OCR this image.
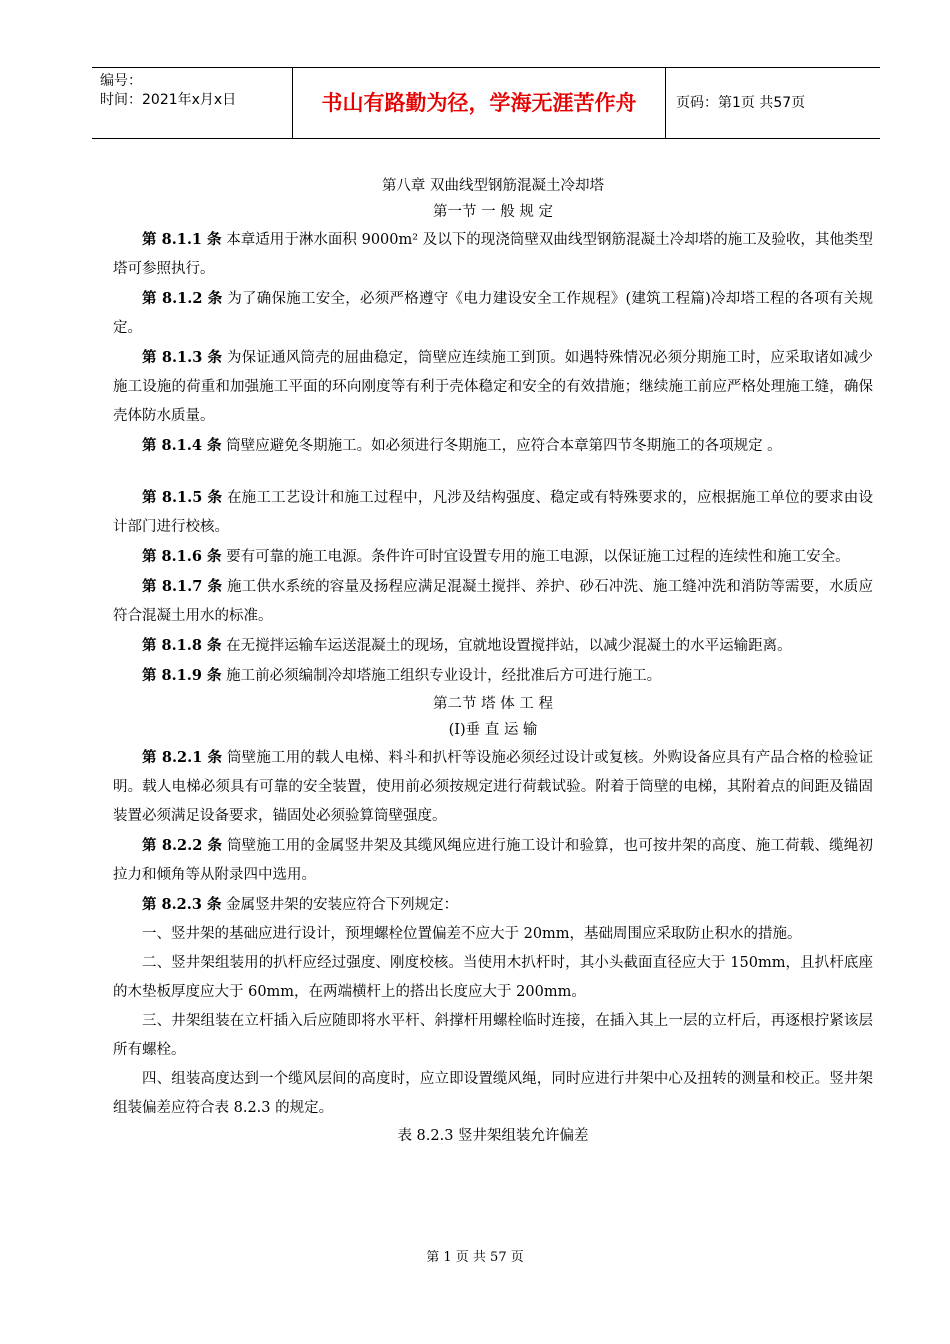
编号：
时间：2021年x月x日	书山有路勤为径，学海无涯苦作舟	页码：第1页 共57页
第八章 双曲线型钢筋混凝土冷却塔
第一节 一 般 规 定

第 8.1.1 条 本章适用于淋水面积 9000m² 及以下的现浇筒壁双曲线型钢筋混凝土冷却塔的施工及验收，其他类型塔可参照执行。

第 8.1.2 条 为了确保施工安全，必须严格遵守《电力建设安全工作规程》(建筑工程篇)冷却塔工程的各项有关规定。

第 8.1.3 条 为保证通风筒壳的屈曲稳定，筒壁应连续施工到顶。如遇特殊情况必须分期施工时，应采取诸如减少施工设施的荷重和加强施工平面的环向刚度等有利于壳体稳定和安全的有效措施；继续施工前应严格处理施工缝，确保壳体防水质量。

第 8.1.4 条 筒壁应避免冬期施工。如必须进行冬期施工，应符合本章第四节冬期施工的各项规定 。

第 8.1.5 条 在施工工艺设计和施工过程中，凡涉及结构强度、稳定或有特殊要求的，应根据施工单位的要求由设计部门进行校核。

第 8.1.6 条 要有可靠的施工电源。条件许可时宜设置专用的施工电源，以保证施工过程的连续性和施工安全。

第 8.1.7 条 施工供水系统的容量及扬程应满足混凝土搅拌、养护、砂石冲洗、施工缝冲洗和消防等需要，水质应符合混凝土用水的标准。

第 8.1.8 条 在无搅拌运输车运送混凝土的现场，宜就地设置搅拌站，以减少混凝土的水平运输距离。

第 8.1.9 条 施工前必须编制冷却塔施工组织专业设计，经批准后方可进行施工。

第二节 塔 体 工 程
(I)垂 直 运 输

第 8.2.1 条 筒壁施工用的载人电梯、料斗和扒杆等设施必须经过设计或复核。外购设备应具有产品合格的检验证明。载人电梯必须具有可靠的安全装置，使用前必须按规定进行荷载试验。附着于筒壁的电梯，其附着点的间距及锚固装置必须满足设备要求，锚固处必须验算筒壁强度。

第 8.2.2 条 筒壁施工用的金属竖井架及其缆风绳应进行施工设计和验算，也可按井架的高度、施工荷载、缆绳初拉力和倾角等从附录四中选用。

第 8.2.3 条 金属竖井架的安装应符合下列规定：

一、竖井架的基础应进行设计，预埋螺栓位置偏差不应大于 20mm，基础周围应采取防止积水的措施。

二、竖井架组装用的扒杆应经过强度、刚度校核。当使用木扒杆时，其小头截面直径应大于 150mm，且扒杆底座的木垫板厚度应大于 60mm，在两端横杆上的搭出长度应大于 200mm。

三、井架组装在立杆插入后应随即将水平杆、斜撑杆用螺栓临时连接，在插入其上一层的立杆后，再逐根拧紧该层所有螺栓。

四、组装高度达到一个缆风层间的高度时，应立即设置缆风绳，同时应进行井架中心及扭转的测量和校正。竖井架组装偏差应符合表 8.2.3 的规定。

表 8.2.3 竖井架组装允许偏差
第 1 页 共 57 页
